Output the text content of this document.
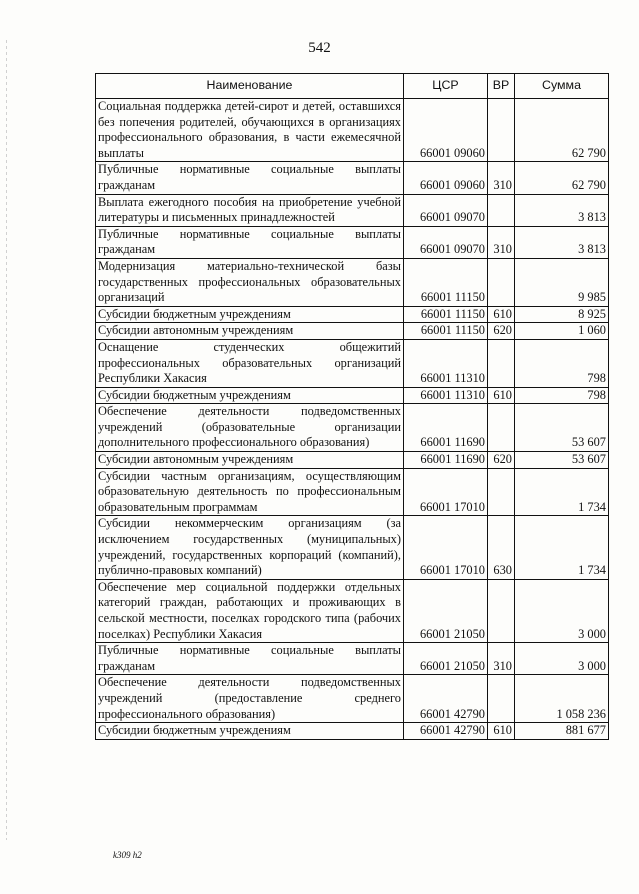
542
Наименование	ЦСР	ВР	Сумма
Социальная поддержка детей-сирот и детей, оставшихся без попечения родителей, обучающихся в организациях профессионального образования, в части ежемесячной выплаты	66001 09060		62 790
Публичные нормативные социальные выплаты гражданам	66001 09060	310	62 790
Выплата ежегодного пособия на приобретение учебной литературы и письменных принадлежностей	66001 09070		3 813
Публичные нормативные социальные выплаты гражданам	66001 09070	310	3 813
Модернизация материально-технической базы государственных профессиональных образовательных организаций	66001 11150		9 985
Субсидии бюджетным учреждениям	66001 11150	610	8 925
Субсидии автономным учреждениям	66001 11150	620	1 060
Оснащение студенческих общежитий профессиональных образовательных организаций Республики Хакасия	66001 11310		798
Субсидии бюджетным учреждениям	66001 11310	610	798
Обеспечение деятельности подведомственных учреждений (образовательные организации дополнительного профессионального образования)	66001 11690		53 607
Субсидии автономным учреждениям	66001 11690	620	53 607
Субсидии частным организациям, осуществляющим образовательную деятельность по профессиональным образовательным программам	66001 17010		1 734
Субсидии некоммерческим организациям (за исключением государственных (муниципальных) учреждений, государственных корпораций (компаний), публично-правовых компаний)	66001 17010	630	1 734
Обеспечение мер социальной поддержки отдельных категорий граждан, работающих и проживающих в сельской местности, поселках городского типа (рабочих поселках) Республики Хакасия	66001 21050		3 000
Публичные нормативные социальные выплаты гражданам	66001 21050	310	3 000
Обеспечение деятельности подведомственных учреждений (предоставление среднего профессионального образования)	66001 42790		1 058 236
Субсидии бюджетным учреждениям	66001 42790	610	881 677
k309 h2
